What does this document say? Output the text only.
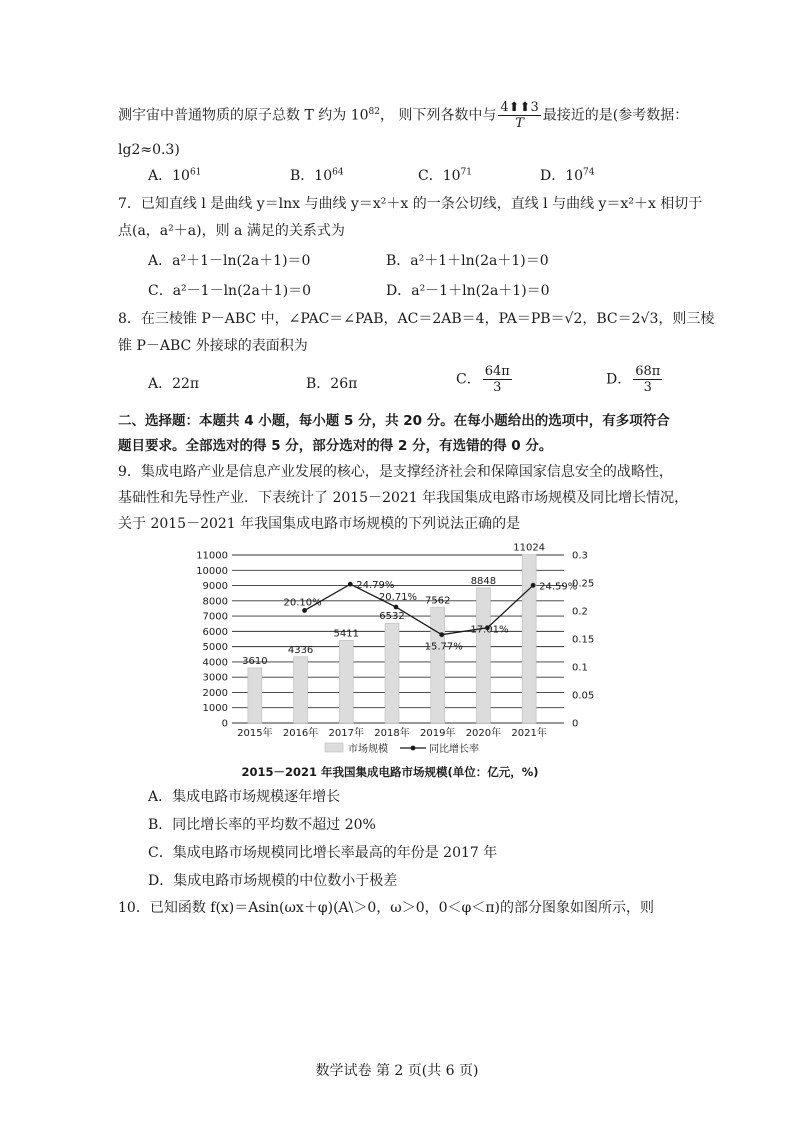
测宇宙中普通物质的原子总数 T 约为 $10^{82}$， 则下列各数中与 $\frac{4⬆⬆3}{T}$ 最接近的是(参考数据：
lg2≈0.3)
A．$10^{61}$	B．$10^{64}$	C．$10^{71}$	D．$10^{74}$
7．已知直线 l 是曲线 y＝lnx 与曲线 y＝x²＋x 的一条公切线，直线 l 与曲线 y＝x²＋x 相切于
点(a，a²＋a)，则 a 满足的关系式为
A．a²＋1－ln(2a＋1)＝0	B．a²＋1＋ln(2a＋1)＝0
C．a²－1－ln(2a＋1)＝0	D．a²－1＋ln(2a＋1)＝0
8．在三棱锥 P－ABC 中，∠PAC＝∠PAB，AC＝2AB＝4，PA＝PB＝√2，BC＝2√3，则三棱
锥 P－ABC 外接球的表面积为
A．22π	B．26π	C． $\frac{64\pi}{3}$	D． $\frac{68\pi}{3}$
二、选择题：本题共 4 小题，每小题 5 分，共 20 分。在每小题给出的选项中，有多项符合
题目要求。全部选对的得 5 分，部分选对的得 2 分，有选错的得 0 分。
9．集成电路产业是信息产业发展的核心，是支撑经济社会和保障国家信息安全的战略性，
基础性和先导性产业．下表统计了 2015－2021 年我国集成电路市场规模及同比增长情况，
关于 2015－2021 年我国集成电路市场规模的下列说法正确的是
0
1000
2000
3000
4000
5000
6000
7000
8000
9000
10000
11000
0
0.05
0.1
0.15
0.2
0.25
0.3
3610
2015年
4336
2016年
5411
2017年
6532
2018年
7562
2019年
8848
2020年
11024
2021年
20.10%
24.79%
20.71%
15.77%
17.01%
24.59%
市场规模	同比增长率
2015－2021 年我国集成电路市场规模(单位：亿元，%)
A．集成电路市场规模逐年增长
B．同比增长率的平均数不超过 20%
C．集成电路市场规模同比增长率最高的年份是 2017 年
D．集成电路市场规模的中位数小于极差
10．已知函数 f(x)＝Asin(ωx＋φ)(A\＞0，ω＞0，0＜φ＜π)的部分图象如图所示，则
数学试卷 第 2 页(共 6 页)
